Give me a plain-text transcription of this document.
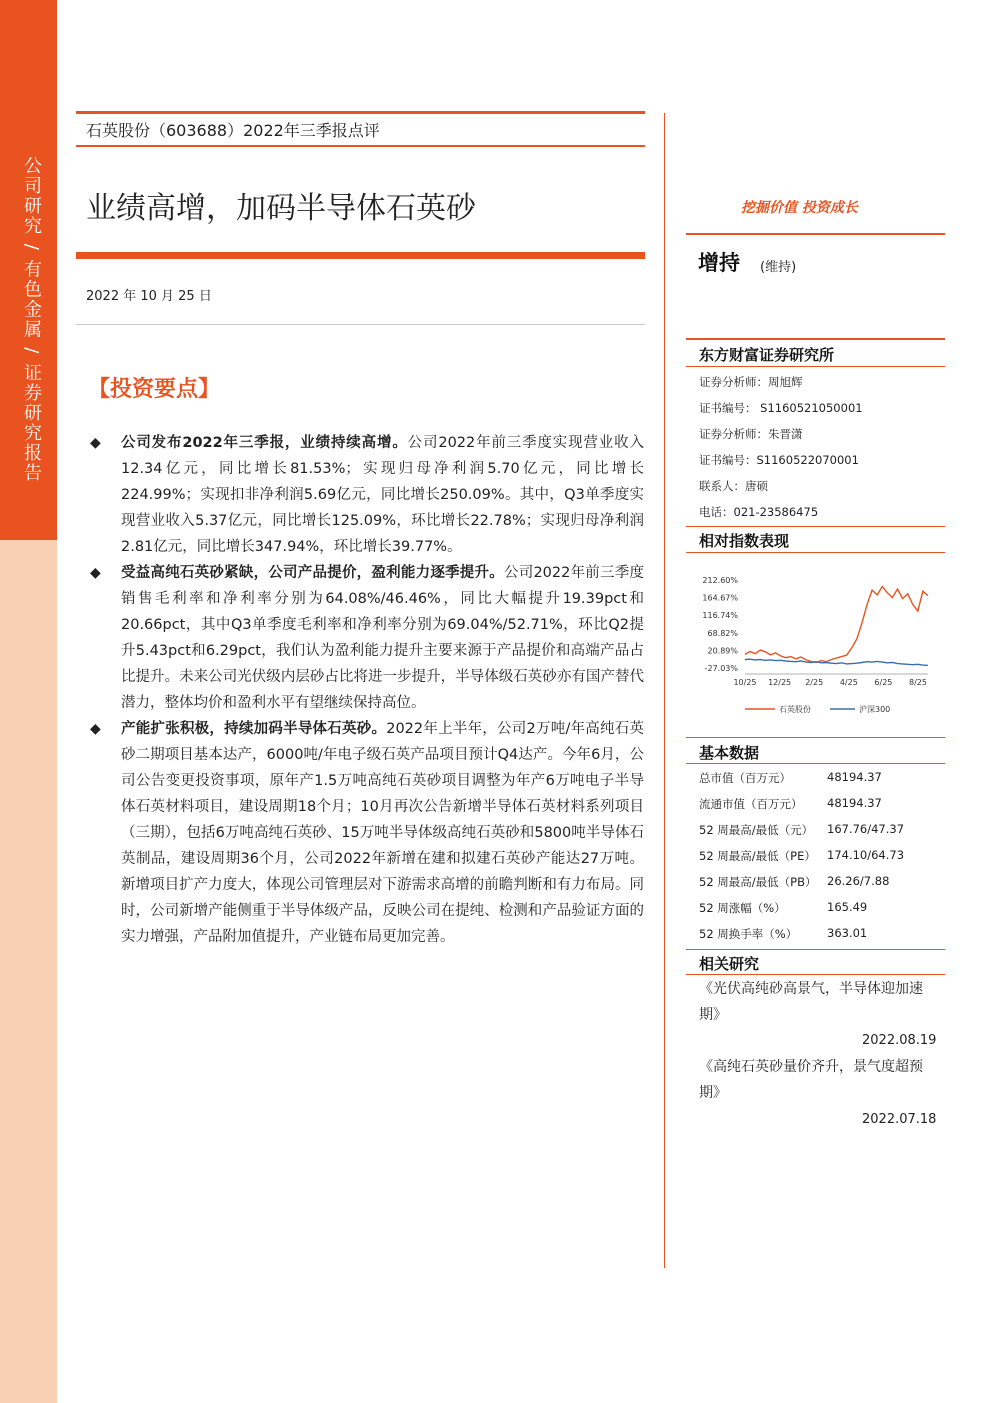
公司研究 / 有色金属 / 证券研究报告
石英股份（603688）2022年三季报点评
业绩高增，加码半导体石英砂
2022 年 10 月 25 日
【投资要点】
◆ 公司发布2022年三季报，业绩持续高增。公司2022年前三季度实现营业收入12.34亿元，同比增长81.53%；实现归母净利润5.70亿元，同比增长224.99%；实现扣非净利润5.69亿元，同比增长250.09%。其中，Q3单季度实现营业收入5.37亿元，同比增长125.09%，环比增长22.78%；实现归母净利润2.81亿元，同比增长347.94%，环比增长39.77%。
◆ 受益高纯石英砂紧缺，公司产品提价，盈利能力逐季提升。公司2022年前三季度销售毛利率和净利率分别为64.08%/46.46%，同比大幅提升19.39pct和20.66pct，其中Q3单季度毛利率和净利率分别为69.04%/52.71%，环比Q2提升5.43pct和6.29pct，我们认为盈利能力提升主要来源于产品提价和高端产品占比提升。未来公司光伏级内层砂占比将进一步提升，半导体级石英砂亦有国产替代潜力，整体均价和盈利水平有望继续保持高位。
◆ 产能扩张积极，持续加码半导体石英砂。2022年上半年，公司2万吨/年高纯石英砂二期项目基本达产，6000吨/年电子级石英产品项目预计Q4达产。今年6月，公司公告变更投资事项，原年产1.5万吨高纯石英砂项目调整为年产6万吨电子半导体石英材料项目，建设周期18个月；10月再次公告新增半导体石英材料系列项目（三期），包括6万吨高纯石英砂、15万吨半导体级高纯石英砂和5800吨半导体石英制品，建设周期36个月，公司2022年新增在建和拟建石英砂产能达27万吨。新增项目扩产力度大，体现公司管理层对下游需求高增的前瞻判断和有力布局。同时，公司新增产能侧重于半导体级产品，反映公司在提纯、检测和产品验证方面的实力增强，产品附加值提升，产业链布局更加完善。
挖掘价值 投资成长
增持 (维持)
东方财富证券研究所
证券分析师：周旭辉
证书编号： S1160521050001
证券分析师：朱晋潇
证书编号：S1160522070001
联系人：唐硕
电话：021-23586475
相对指数表现
212.60%
164.67%
116.74%
68.82%
20.89%
-27.03%
10/25 12/25 2/25 4/25 6/25 8/25
石英股份	沪深300
基本数据
总市值（百万元）	48194.37
流通市值（百万元） 48194.37
52 周最高/最低（元） 167.76/47.37
52 周最高/最低（PE） 174.10/64.73
52 周最高/最低（PB） 26.26/7.88
52 周涨幅（%）	165.49
52 周换手率（%）	363.01
相关研究
《光伏高纯砂高景气，半导体迎加速期》
2022.08.19
《高纯石英砂量价齐升，景气度超预期》
2022.07.18
